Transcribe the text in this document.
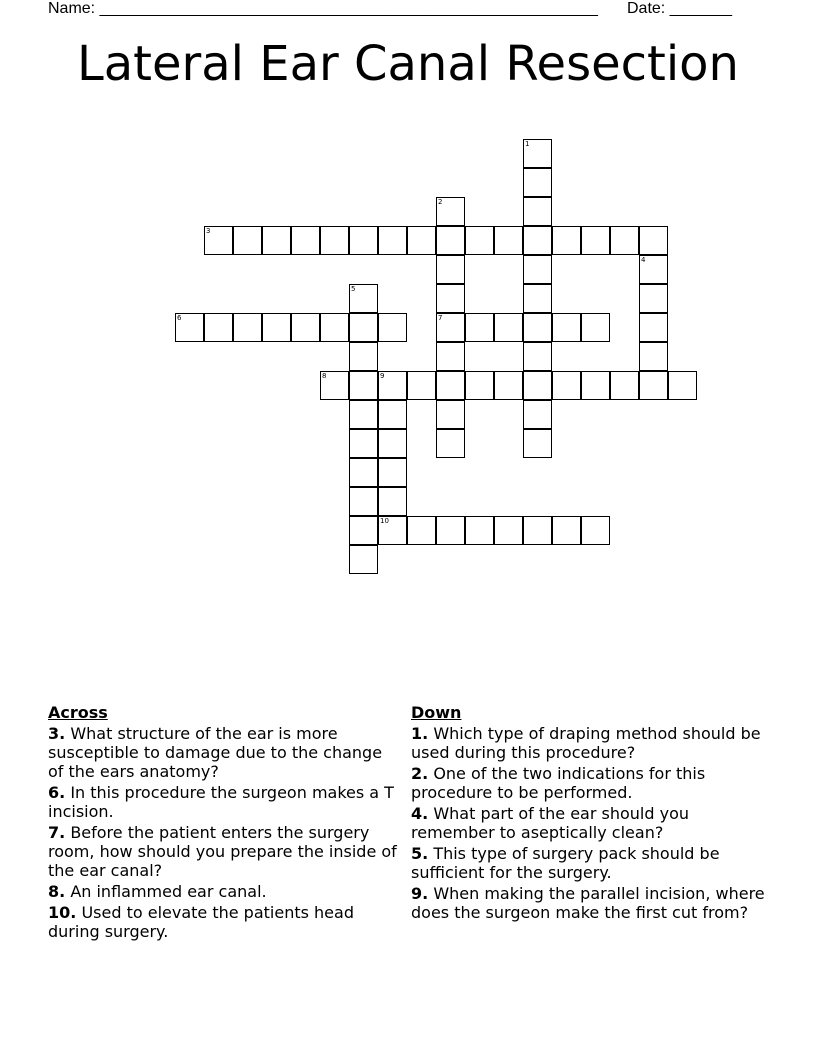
Name: ________________________________________________________ Date: _______
Lateral Ear Canal Resection
1
2
3
4
5
6	7
8	9
10
Across
3. What structure of the ear is more susceptible to damage due to the change of the ears anatomy?
6. In this procedure the surgeon makes a T incision.
7. Before the patient enters the surgery room, how should you prepare the inside of the ear canal?
8. An inflammed ear canal.
10. Used to elevate the patients head during surgery.
Down
1. Which type of draping method should be used during this procedure?
2. One of the two indications for this procedure to be performed.
4. What part of the ear should you remember to aseptically clean?
5. This type of surgery pack should be sufficient for the surgery.
9. When making the parallel incision, where does the surgeon make the first cut from?
